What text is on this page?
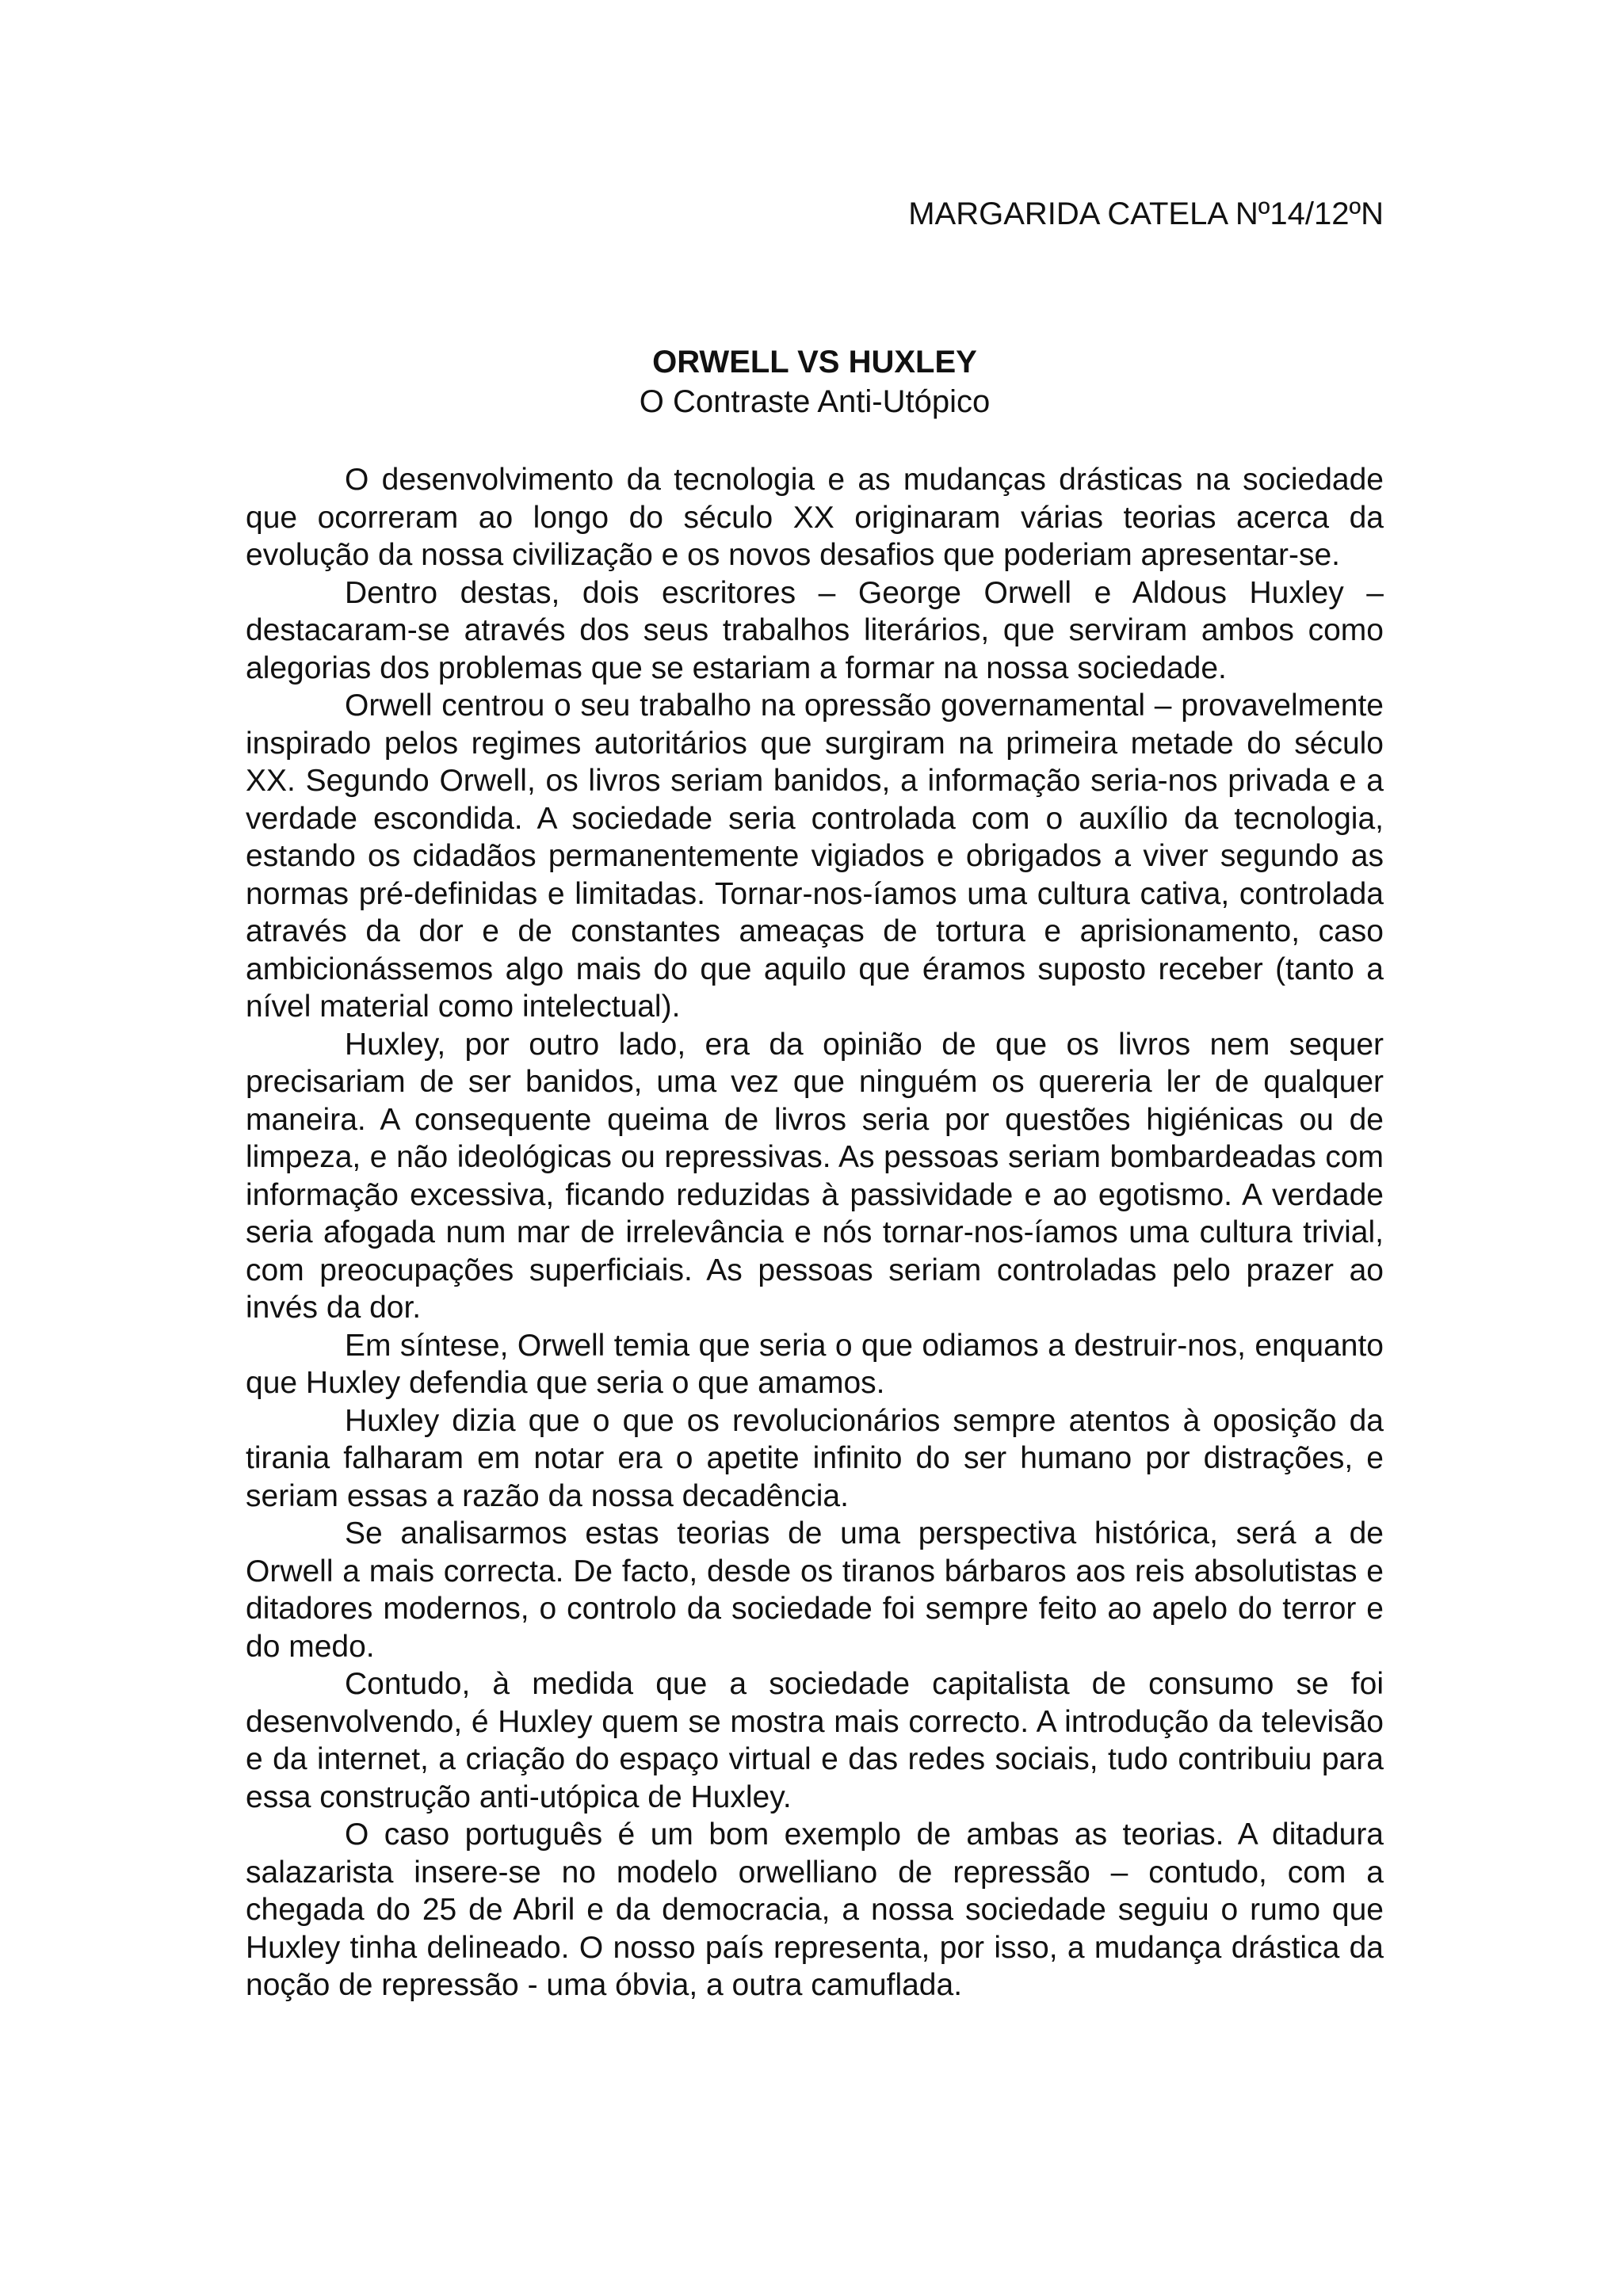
MARGARIDA CATELA Nº14/12ºN
ORWELL VS HUXLEY
O Contraste Anti-Utópico

O desenvolvimento da tecnologia e as mudanças drásticas na sociedade que ocorreram ao longo do século XX originaram várias teorias acerca da evolução da nossa civilização e os novos desafios que poderiam apresentar-se.

Dentro destas, dois escritores – George Orwell e Aldous Huxley – destacaram-se através dos seus trabalhos literários, que serviram ambos como alegorias dos problemas que se estariam a formar na nossa sociedade.

Orwell centrou o seu trabalho na opressão governamental – provavelmente inspirado pelos regimes autoritários que surgiram na primeira metade do século XX. Segundo Orwell, os livros seriam banidos, a informação seria-nos privada e a verdade escondida. A sociedade seria controlada com o auxílio da tecnologia, estando os cidadãos permanentemente vigiados e obrigados a viver segundo as normas pré-definidas e limitadas. Tornar-nos-íamos uma cultura cativa, controlada através da dor e de constantes ameaças de tortura e aprisionamento, caso ambicionássemos algo mais do que aquilo que éramos suposto receber (tanto a nível material como intelectual).

Huxley, por outro lado, era da opinião de que os livros nem sequer precisariam de ser banidos, uma vez que ninguém os quereria ler de qualquer maneira. A consequente queima de livros seria por questões higiénicas ou de limpeza, e não ideológicas ou repressivas. As pessoas seriam bombardeadas com informação excessiva, ficando reduzidas à passividade e ao egotismo. A verdade seria afogada num mar de irrelevância e nós tornar-nos-íamos uma cultura trivial, com preocupações superficiais. As pessoas seriam controladas pelo prazer ao invés da dor.

Em síntese, Orwell temia que seria o que odiamos a destruir-nos, enquanto que Huxley defendia que seria o que amamos.

Huxley dizia que o que os revolucionários sempre atentos à oposição da tirania falharam em notar era o apetite infinito do ser humano por distrações, e seriam essas a razão da nossa decadência.

Se analisarmos estas teorias de uma perspectiva histórica, será a de Orwell a mais correcta. De facto, desde os tiranos bárbaros aos reis absolutistas e ditadores modernos, o controlo da sociedade foi sempre feito ao apelo do terror e do medo.

Contudo, à medida que a sociedade capitalista de consumo se foi desenvolvendo, é Huxley quem se mostra mais correcto. A introdução da televisão e da internet, a criação do espaço virtual e das redes sociais, tudo contribuiu para essa construção anti-utópica de Huxley.

O caso português é um bom exemplo de ambas as teorias. A ditadura salazarista insere-se no modelo orwelliano de repressão – contudo, com a chegada do 25 de Abril e da democracia, a nossa sociedade seguiu o rumo que Huxley tinha delineado. O nosso país representa, por isso, a mudança drástica da noção de repressão - uma óbvia, a outra camuflada.
